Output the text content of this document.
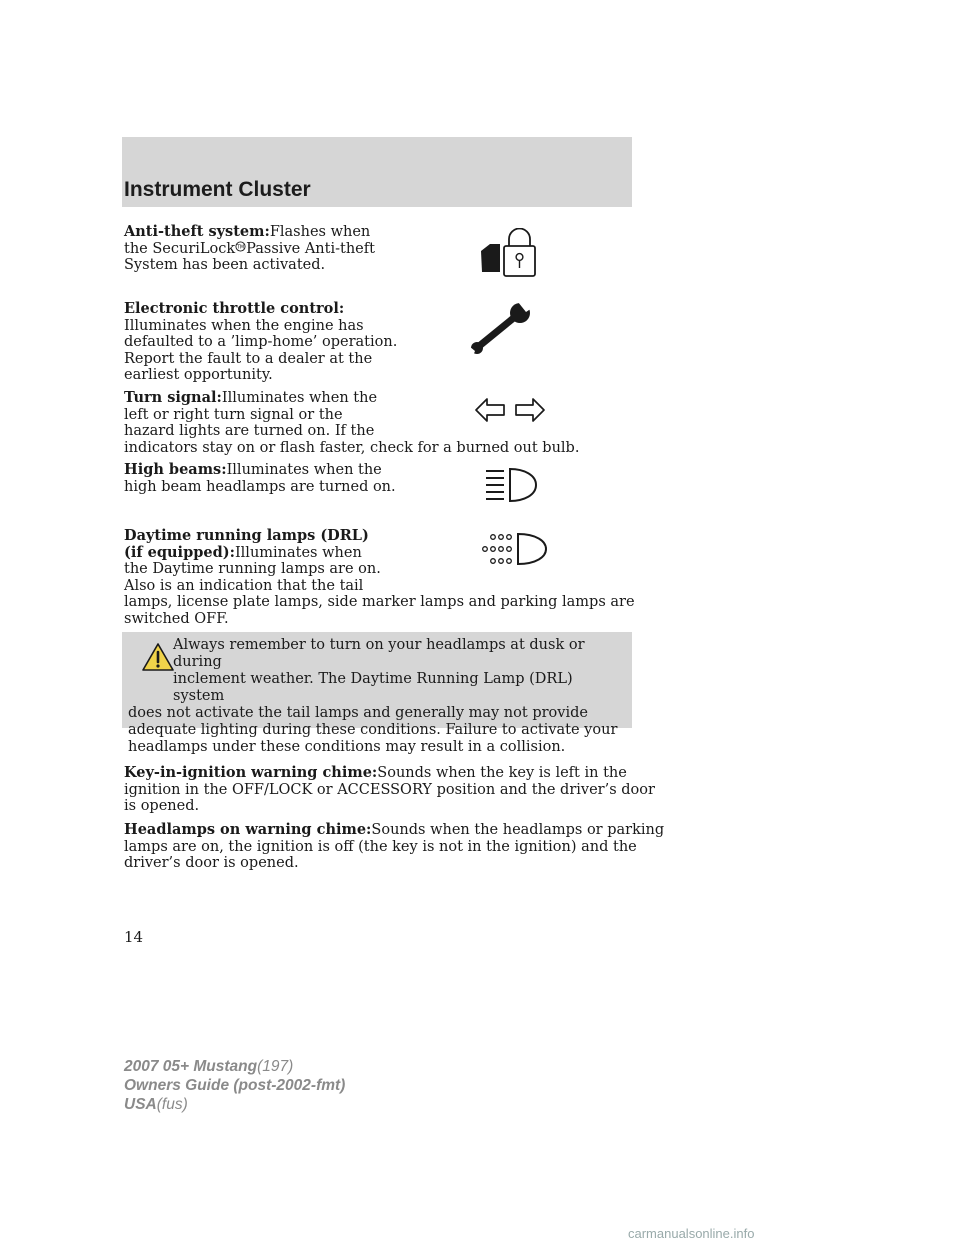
Instrument Cluster
Anti-theft system:Flashes when
the SecuriLock TM Passive Anti-theft
System has been activated.
Electronic throttle control:
Illuminates when the engine has
defaulted to a ’limp-home’ operation.
Report the fault to a dealer at the
earliest opportunity.
Turn signal:Illuminates when the
left or right turn signal or the
hazard lights are turned on. If the
indicators stay on or flash faster, check for a burned out bulb.
High beams:Illuminates when the
high beam headlamps are turned on.
Daytime running lamps (DRL)
(if equipped):Illuminates when
the Daytime running lamps are on.
Also is an indication that the tail
lamps, license plate lamps, side marker lamps and parking lamps are
switched OFF.
Always remember to turn on your headlamps at dusk or during
inclement weather. The Daytime Running Lamp (DRL) system
does not activate the tail lamps and generally may not provide
adequate lighting during these conditions. Failure to activate your
headlamps under these conditions may result in a collision.
Key-in-ignition warning chime:Sounds when the key is left in the
ignition in the OFF/LOCK or ACCESSORY position and the driver’s door
is opened.
Headlamps on warning chime:Sounds when the headlamps or parking
lamps are on, the ignition is off (the key is not in the ignition) and the
driver’s door is opened.
14
2007 05+ Mustang(197)
Owners Guide (post-2002-fmt)
USA(fus)
carmanualsonline.info
